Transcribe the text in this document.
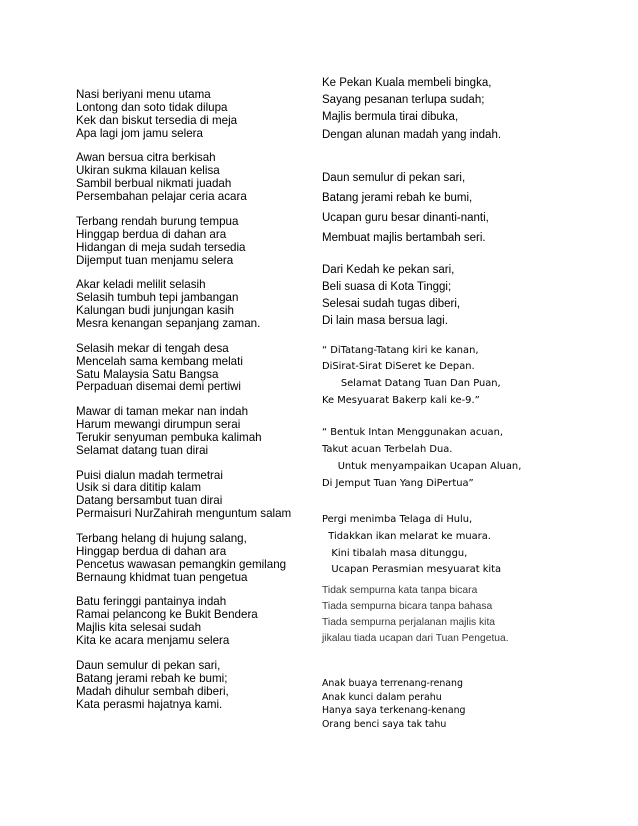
Nasi beriyani menu utama
Lontong dan soto tidak dilupa
Kek dan biskut tersedia di meja
Apa lagi jom jamu selera
Awan bersua citra berkisah
Ukiran sukma kilauan kelisa
Sambil berbual nikmati juadah
Persembahan pelajar ceria acara
Terbang rendah burung tempua
Hinggap berdua di dahan ara
Hidangan di meja sudah tersedia
Dijemput tuan menjamu selera
Akar keladi melilit selasih
Selasih tumbuh tepi jambangan
Kalungan budi junjungan kasih
Mesra kenangan sepanjang zaman.
Selasih mekar di tengah desa
Mencelah sama kembang melati
Satu Malaysia Satu Bangsa
Perpaduan disemai demi pertiwi
Mawar di taman mekar nan indah
Harum mewangi dirumpun serai
Terukir senyuman pembuka kalimah
Selamat datang tuan dirai
Puisi dialun madah termetrai
Usik si dara dititip kalam
Datang bersambut tuan dirai
Permaisuri NurZahirah menguntum salam
Terbang helang di hujung salang,
Hinggap berdua di dahan ara
Pencetus wawasan pemangkin gemilang
Bernaung khidmat tuan pengetua
Batu feringgi pantainya indah
Ramai pelancong ke Bukit Bendera
Majlis kita selesai sudah
Kita ke acara menjamu selera
Daun semulur di pekan sari,
Batang jerami rebah ke bumi;
Madah dihulur sembah diberi,
Kata perasmi hajatnya kami.
Ke Pekan Kuala membeli bingka,
Sayang pesanan terlupa sudah;
Majlis bermula tirai dibuka,
Dengan alunan madah yang indah.
Daun semulur di pekan sari,
Batang jerami rebah ke bumi,
Ucapan guru besar dinanti-nanti,
Membuat majlis bertambah seri.
Dari Kedah ke pekan sari,
Beli suasa di Kota Tinggi;
Selesai sudah tugas diberi,
Di lain masa bersua lagi.
“ DiTatang-Tatang kiri ke kanan,
DiSirat-Sirat DiSeret ke Depan.
Selamat Datang Tuan Dan Puan,
Ke Mesyuarat Bakerp kali ke-9.”
“ Bentuk Intan Menggunakan acuan,
Takut acuan Terbelah Dua.
Untuk menyampaikan Ucapan Aluan,
Di Jemput Tuan Yang DiPertua”
Pergi menimba Telaga di Hulu,
Tidakkan ikan melarat ke muara.
Kini tibalah masa ditunggu,
Ucapan Perasmian mesyuarat kita
Tidak sempurna kata tanpa bicara
Tiada sempurna bicara tanpa bahasa
Tiada sempurna perjalanan majlis kita
jikalau tiada ucapan dari Tuan Pengetua.
Anak buaya terrenang-renang
Anak kunci dalam perahu
Hanya saya terkenang-kenang
Orang benci saya tak tahu
